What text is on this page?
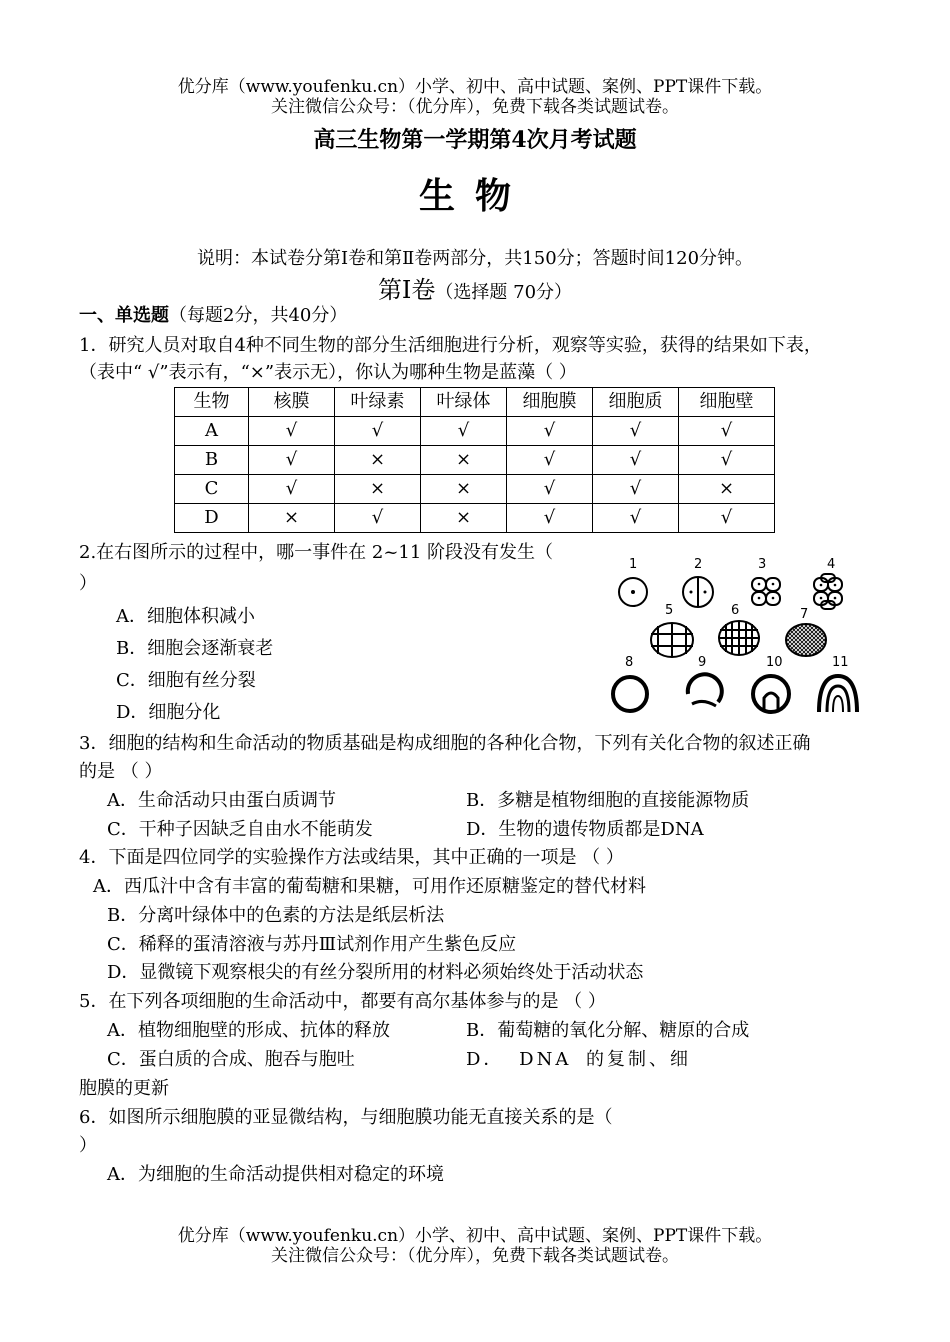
优分库（www.youfenku.cn）小学、初中、高中试题、案例、PPT课件下载。
关注微信公众号：（优分库），免费下载各类试题试卷。
高三生物第一学期第4次月考试题
生物
说明：本试卷分第Ⅰ卷和第Ⅱ卷两部分，共150分；答题时间120分钟。
第Ⅰ卷（选择题 70分）
一、单选题（每题2分，共40分）
1．研究人员对取自4种不同生物的部分生活细胞进行分析，观察等实验，获得的结果如下表，
（表中“ √”表示有，“×”表示无），你认为哪种生物是蓝藻（ ）
生物	核膜	叶绿素	叶绿体	细胞膜	细胞质	细胞壁
A	√	√	√	√	√	√
B	√	×	×	√	√	√
C	√	×	×	√	√	×
D	×	√	×	√	√	√
2.在右图所示的过程中，哪一事件在 2~11 阶段没有发生（
）
A．细胞体积减小
B．细胞会逐渐衰老
C．细胞有丝分裂
D．细胞分化
1	2	3	4
5	6	7
8	9	10	11
3．细胞的结构和生命活动的物质基础是构成细胞的各种化合物，下列有关化合物的叙述正确
的是 （ ）
A．生命活动只由蛋白质调节	B．多糖是植物细胞的直接能源物质
C．干种子因缺乏自由水不能萌发	D．生物的遗传物质都是DNA
4．下面是四位同学的实验操作方法或结果，其中正确的一项是 （ ）
A．西瓜汁中含有丰富的葡萄糖和果糖，可用作还原糖鉴定的替代材料
B．分离叶绿体中的色素的方法是纸层析法
C．稀释的蛋清溶液与苏丹Ⅲ试剂作用产生紫色反应
D．显微镜下观察根尖的有丝分裂所用的材料必须始终处于活动状态
5．在下列各项细胞的生命活动中，都要有高尔基体参与的是 （ ）
A．植物细胞壁的形成、抗体的释放	B．葡萄糖的氧化分解、糖原的合成
C．蛋白质的合成、胞吞与胞吐	D． DNA 的复制、细
胞膜的更新
6．如图所示细胞膜的亚显微结构，与细胞膜功能无直接关系的是（
）
A．为细胞的生命活动提供相对稳定的环境
优分库（www.youfenku.cn）小学、初中、高中试题、案例、PPT课件下载。
关注微信公众号：（优分库），免费下载各类试题试卷。
